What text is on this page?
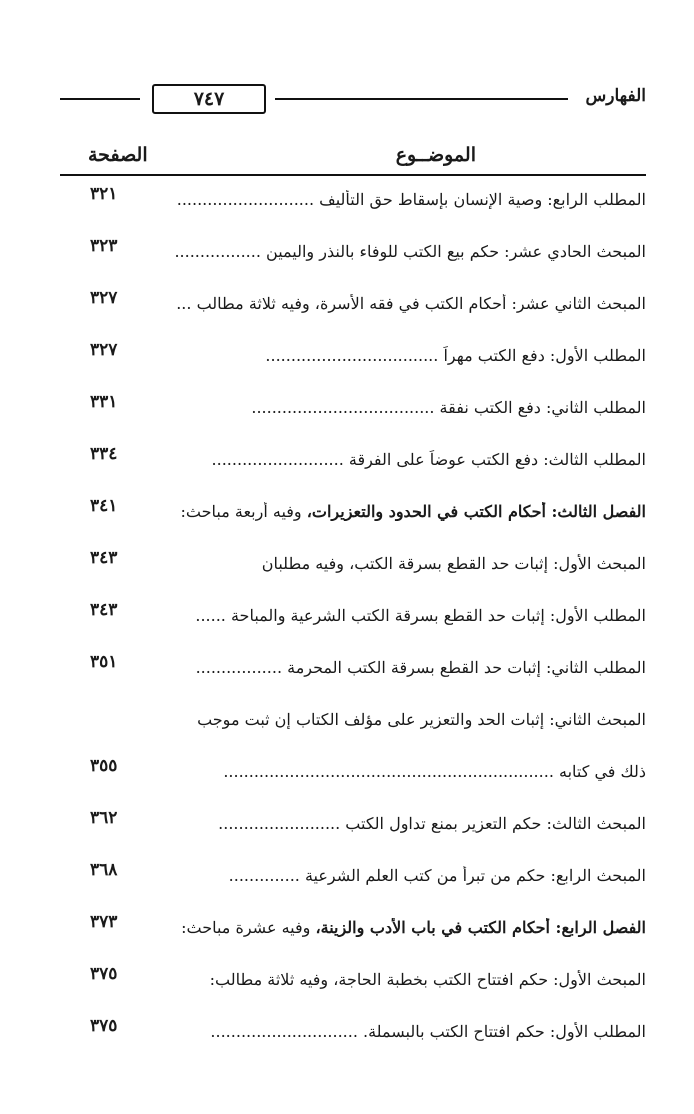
٧٤٧	الفهارس
الصفحة	الموضــوع
المطلب الرابع: وصية الإنسان بإسقاط حق التأليف ...........................
٣٢١
المبحث الحادي عشر: حكم بيع الكتب للوفاء بالنذر واليمين .................
٣٢٣
المبحث الثاني عشر: أحكام الكتب في فقه الأسرة، وفيه ثلاثة مطالب ...
٣٢٧
المطلب الأول: دفع الكتب مهراً ..................................
٣٢٧
المطلب الثاني: دفع الكتب نفقة ....................................
٣٣١
المطلب الثالث: دفع الكتب عوضاً على الفرقة ..........................
٣٣٤
الفصل الثالث: أحكام الكتب في الحدود والتعزيرات، وفيه أربعة مباحث:
٣٤١
المبحث الأول: إثبات حد القطع بسرقة الكتب، وفيه مطلبان
٣٤٣
المطلب الأول: إثبات حد القطع بسرقة الكتب الشرعية والمباحة ......
٣٤٣
المطلب الثاني: إثبات حد القطع بسرقة الكتب المحرمة .................
٣٥١
المبحث الثاني: إثبات الحد والتعزير على مؤلف الكتاب إن ثبت موجب
ذلك في كتابه .................................................................
٣٥٥
المبحث الثالث: حكم التعزير بمنع تداول الكتب ........................
٣٦٢
المبحث الرابع: حكم من تبرأ من كتب العلم الشرعية ..............
٣٦٨
الفصل الرابع: أحكام الكتب في باب الأدب والزينة، وفيه عشرة مباحث:
٣٧٣
المبحث الأول: حكم افتتاح الكتب بخطبة الحاجة، وفيه ثلاثة مطالب:
٣٧٥
المطلب الأول: حكم افتتاح الكتب بالبسملة. .............................
٣٧٥
